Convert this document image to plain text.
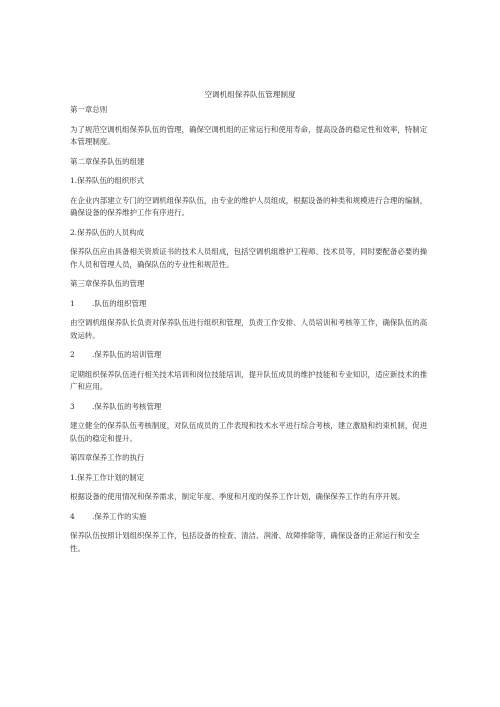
空调机组保养队伍管理制度
第一章总则
为了规范空调机组保养队伍的管理，确保空调机组的正常运行和使用寿命，提高设备的稳定性和效率，特制定本管理制度。
第二章保养队伍的组建
1.保养队伍的组织形式
在企业内部建立专门的空调机组保养队伍，由专业的维护人员组成，根据设备的种类和规模进行合理的编制，确保设备的保养维护工作有序进行。
2.保养队伍的人员构成
保养队伍应由具备相关资质证书的技术人员组成，包括空调机组维护工程师、技术员等，同时要配备必要的操作人员和管理人员，确保队伍的专业性和规范性。
第三章保养队伍的管理
1 .队伍的组织管理
由空调机组保养队长负责对保养队伍进行组织和管理，负责工作安排、人员培训和考核等工作，确保队伍的高效运转。
2 .保养队伍的培训管理
定期组织保养队伍进行相关技术培训和岗位技能培训，提升队伍成员的维护技能和专业知识，适应新技术的推广和应用。
3 .保养队伍的考核管理
建立健全的保养队伍考核制度，对队伍成员的工作表现和技术水平进行综合考核，建立激励和约束机制，促进队伍的稳定和提升。
第四章保养工作的执行
1.保养工作计划的制定
根据设备的使用情况和保养需求，制定年度、季度和月度的保养工作计划，确保保养工作的有序开展。
4 .保养工作的实施
保养队伍按照计划组织保养工作，包括设备的检查、清洁、润滑、故障排除等，确保设备的正常运行和安全性。
